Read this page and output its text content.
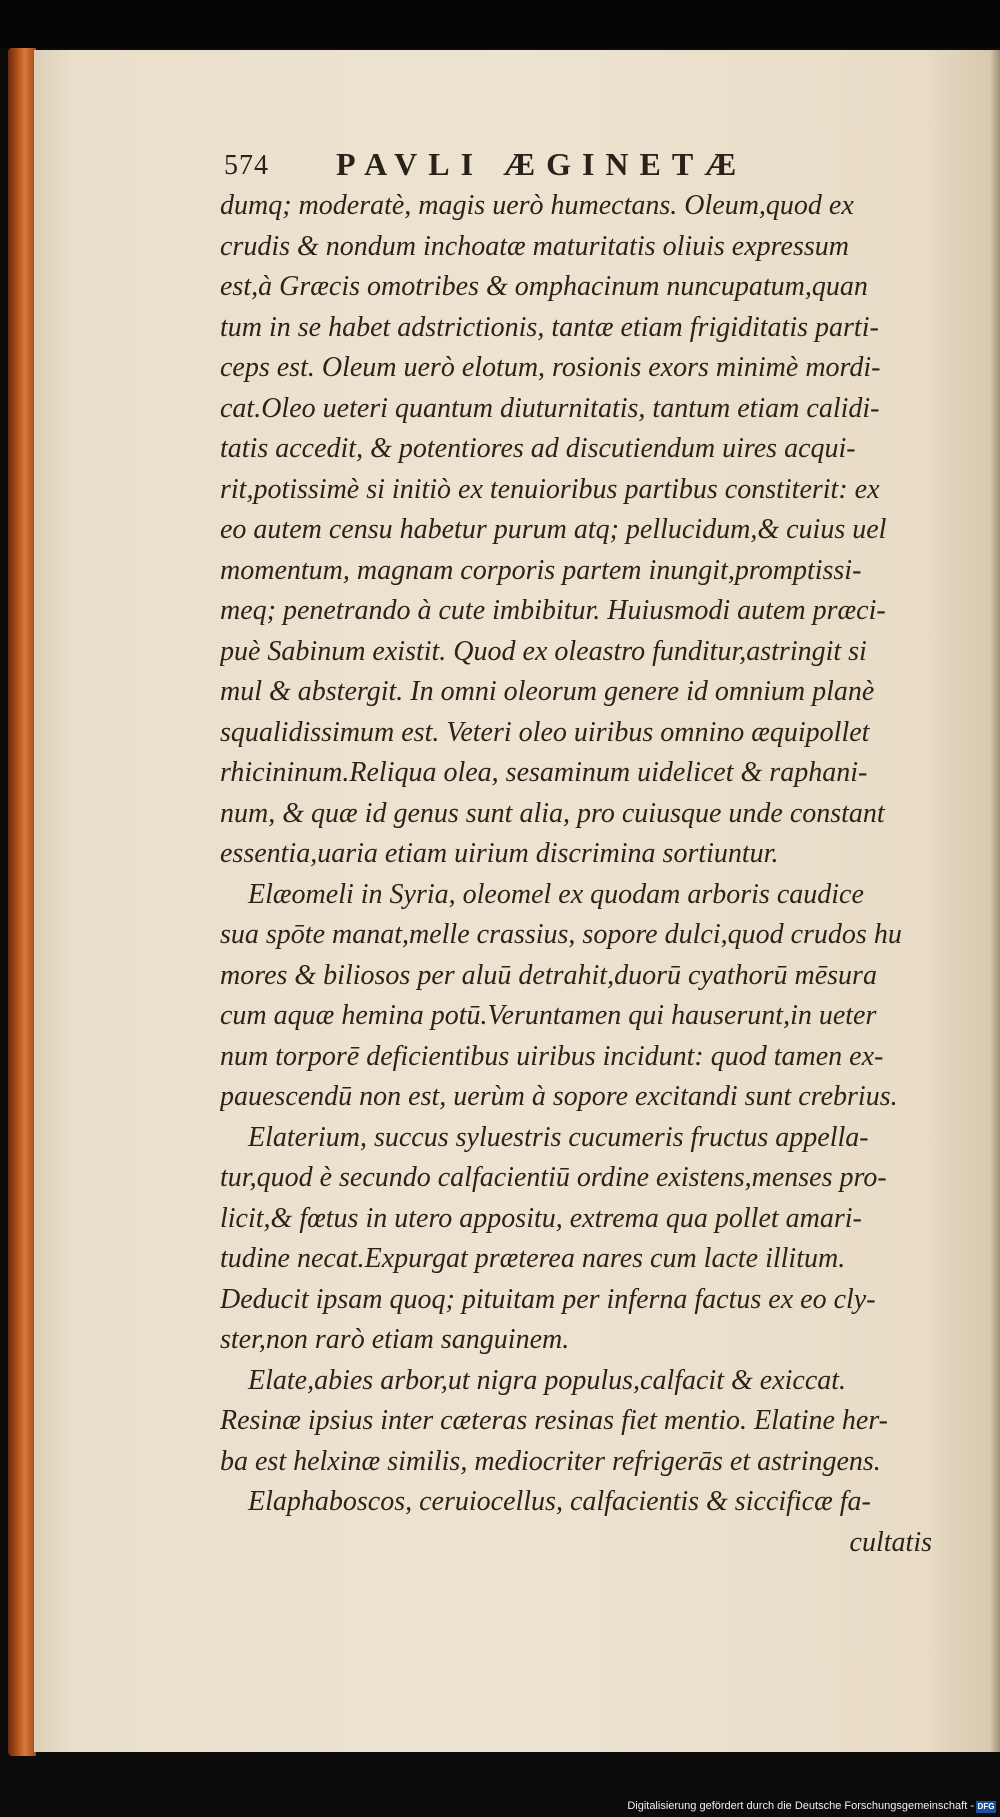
574 PAVLI ÆGINETÆ
dumq; moderatè, magis uerò humectans. Oleum,quod ex
crudis & nondum inchoatæ maturitatis oliuis expressum
est,à Græcis omotribes & omphacinum nuncupatum,quan
tum in se habet adstrictionis, tantæ etiam frigiditatis parti-
ceps est. Oleum uerò elotum, rosionis exors minimè mordi-
cat.Oleo ueteri quantum diuturnitatis, tantum etiam calidi-
tatis accedit, & potentiores ad discutiendum uires acqui-
rit,potissimè si initiò ex tenuioribus partibus constiterit: ex
eo autem censu habetur purum atq; pellucidum,& cuius uel
momentum, magnam corporis partem inungit,promptissi-
meq; penetrando à cute imbibitur. Huiusmodi autem præci-
puè Sabinum existit. Quod ex oleastro funditur,astringit si
mul & abstergit. In omni oleorum genere id omnium planè
squalidissimum est. Veteri oleo uiribus omnino æquipollet
rhicininum.Reliqua olea, sesaminum uidelicet & raphani-
num, & quæ id genus sunt alia, pro cuiusque unde constant
essentia,uaria etiam uirium discrimina sortiuntur.
Elæomeli in Syria, oleomel ex quodam arboris caudice
sua spōte manat,melle crassius, sopore dulci,quod crudos hu
mores & biliosos per aluū detrahit,duorū cyathorū mēsura
cum aquæ hemina potū.Veruntamen qui hauserunt,in ueter
num torporē deficientibus uiribus incidunt: quod tamen ex-
pauescendū non est, uerùm à sopore excitandi sunt crebrius.
Elaterium, succus syluestris cucumeris fructus appella-
tur,quod è secundo calfacientiū ordine existens,menses pro-
licit,& fœtus in utero appositu, extrema qua pollet amari-
tudine necat.Expurgat præterea nares cum lacte illitum.
Deducit ipsam quoq; pituitam per inferna factus ex eo cly-
ster,non rarò etiam sanguinem.
Elate,abies arbor,ut nigra populus,calfacit & exiccat.
Resinæ ipsius inter cæteras resinas fiet mentio. Elatine her-
ba est helxinæ similis, mediocriter refrigerās et astringens.
Elaphaboscos, ceruiocellus, calfacientis & siccificæ fa-
cultatis
Digitalisierung gefördert durch die Deutsche Forschungsgemeinschaft - DFG
